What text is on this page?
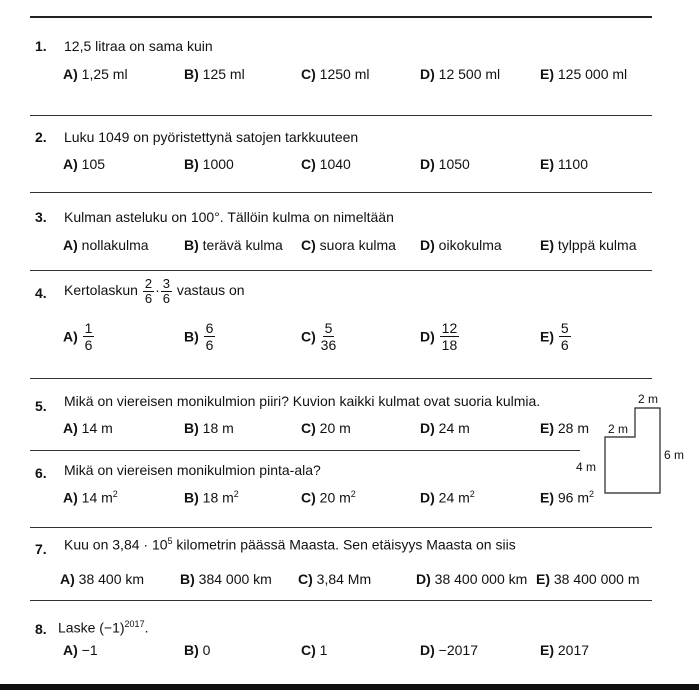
1. 12,5 litraa on sama kuin
A) 1,25 ml	B) 125 ml	C) 1250 ml	D) 12 500 ml	E) 125 000 ml
2. Luku 1049 on pyöristettynä satojen tarkkuuteen
A) 105	B) 1000	C) 1040	D) 1050	E) 1100
3. Kulman asteluku on 100°. Tällöin kulma on nimeltään
A) nollakulma	B) terävä kulma C) suora kulma D) oikokulma	E) tylppä kulma
4. Kertolaskun $\frac{2}{6} \cdot \frac{3}{6}$ vastaus on
$A) \frac{1}{6}$	$B) \frac{6}{6}$	$C) \frac{5}{36}$	$D) \frac{12}{18}$	$E) \frac{5}{6}$
5. Mikä on viereisen monikulmion piiri? Kuvion kaikki kulmat ovat suoria kulmia.
A) 14 m	B) 18 m	C) 20 m	D) 24 m	E) 28 m
6. Mikä on viereisen monikulmion pinta-ala?
A) 14 $m^2$	B) 18 $m^2$	C) 20 $m^2$	D) 24 $m^2$	E) 96 $m^2$
7. Kuu on $3,84 \cdot 10^5$ kilometrin päässä Maasta. Sen etäisyys Maasta on siis
A) 38 400 km	B) 384 000 km C) 3,84 Mm	D) 38 400 000 km E) 38 400 000 m
8. Laske $(-1)^{2017}$.
A) −1	B) 0	C) 1	D) −2017	E) 2017
2 m
2 m
4 m
6 m
